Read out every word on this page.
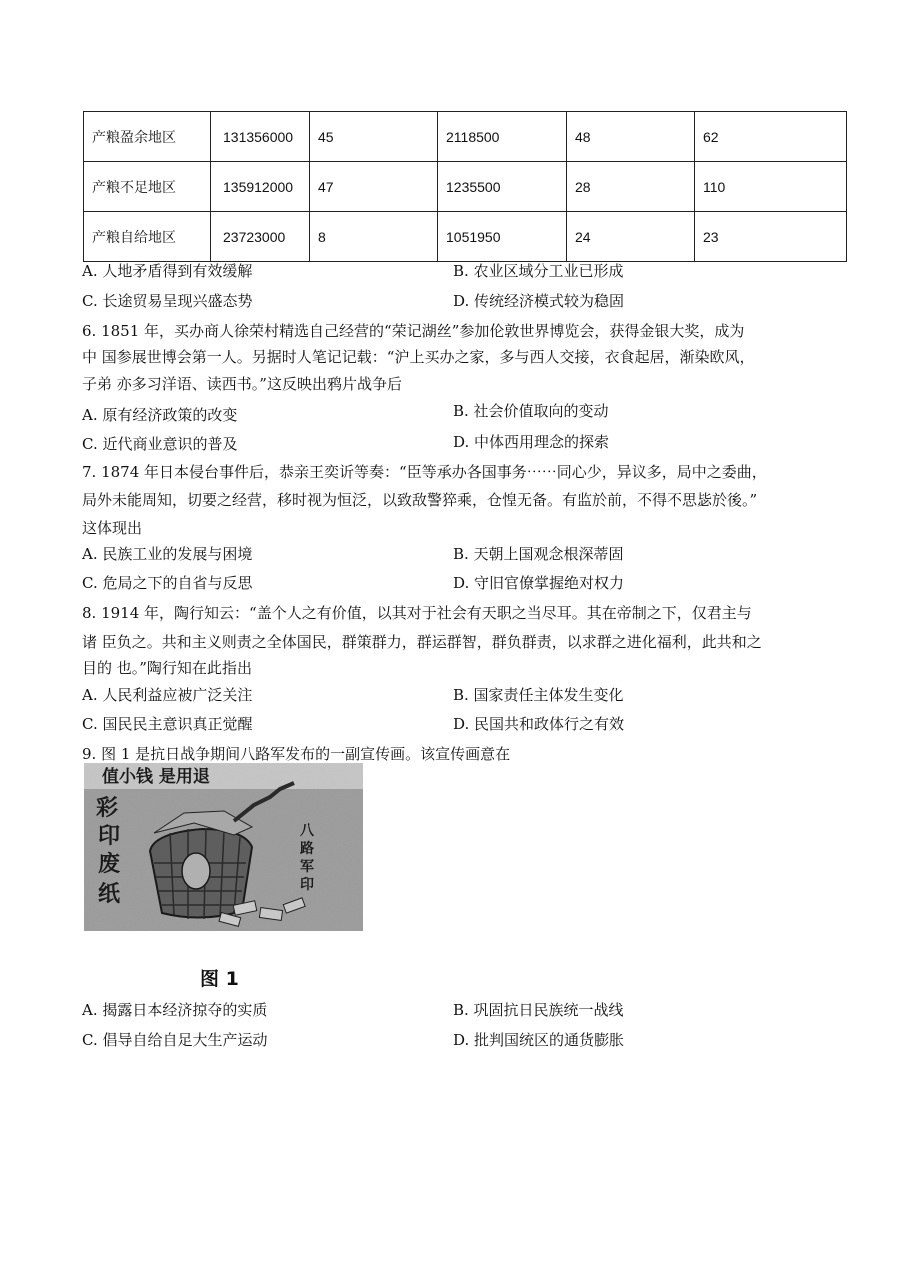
产粮盈余地区	131356000	45	2118500	48	62
产粮不足地区	135912000	47	1235500	28	110
产粮自给地区	23723000	8	1051950	24	23
A. 人地矛盾得到有效缓解	B. 农业区域分工业已形成
C. 长途贸易呈现兴盛态势	D. 传统经济模式较为稳固
6. 1851 年，买办商人徐荣村精选自己经营的“荣记湖丝”参加伦敦世界博览会，获得金银大奖，成为
中 国参展世博会第一人。另据时人笔记记载：“沪上买办之家，多与西人交接，衣食起居，渐染欧风，
子弟 亦多习洋语、读西书。”这反映出鸦片战争后
A. 原有经济政策的改变	B. 社会价值取向的变动
C. 近代商业意识的普及	D. 中体西用理念的探索
7. 1874 年日本侵台事件后，恭亲王奕䜣等奏：“臣等承办各国事务⋯⋯同心少，异议多，局中之委曲，
局外未能周知，切要之经营，移时视为恒泛，以致敌警猝乘，仓惶无备。有监於前，不得不思毖於後。”
这体现出
A. 民族工业的发展与困境	B. 天朝上国观念根深蒂固
C. 危局之下的自省与反思	D. 守旧官僚掌握绝对权力
8. 1914 年，陶行知云：“盖个人之有价值，以其对于社会有天职之当尽耳。其在帝制之下，仅君主与
诸 臣负之。共和主义则责之全体国民，群策群力，群运群智，群负群责，以求群之进化福利，此共和之
目的 也。”陶行知在此指出
A. 人民利益应被广泛关注	B. 国家责任主体发生变化
C. 国民民主意识真正觉醒	D. 民国共和政体行之有效
9. 图 1 是抗日战争期间八路军发布的一副宣传画。该宣传画意在
值小钱 是用退
彩 印 废 纸
八 路 军 印
图 1
A. 揭露日本经济掠夺的实质	B. 巩固抗日民族统一战线
C. 倡导自给自足大生产运动	D. 批判国统区的通货膨胀
